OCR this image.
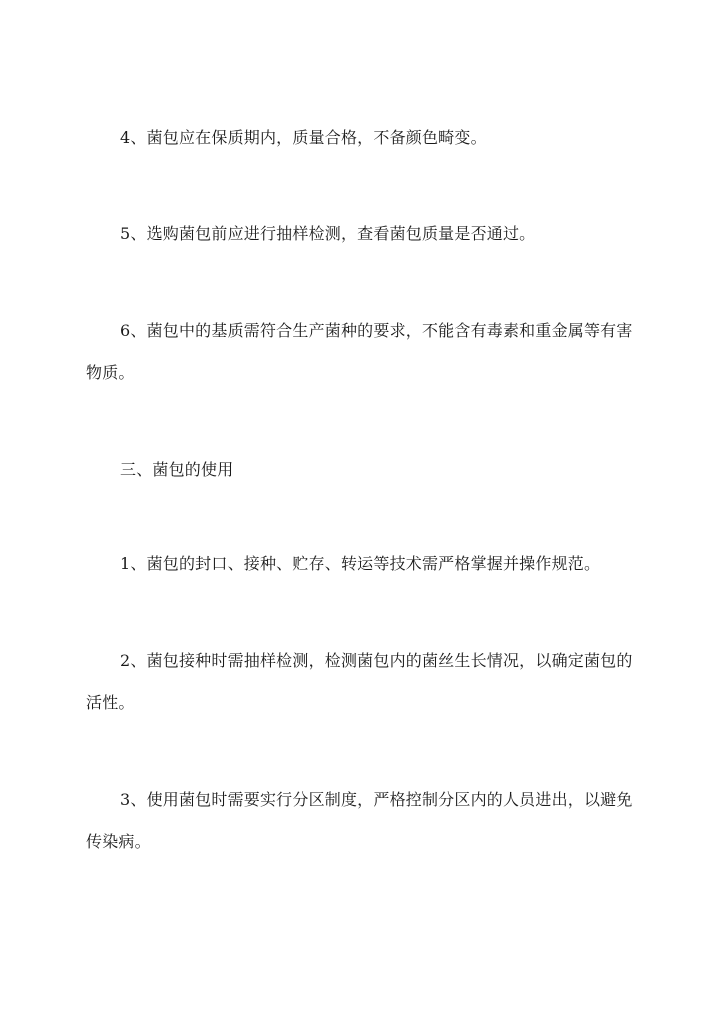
4、菌包应在保质期内，质量合格，不备颜色畸变。

5、选购菌包前应进行抽样检测，查看菌包质量是否通过。

6、菌包中的基质需符合生产菌种的要求，不能含有毒素和重金属等有害物质。

三、菌包的使用

1、菌包的封口、接种、贮存、转运等技术需严格掌握并操作规范。

2、菌包接种时需抽样检测，检测菌包内的菌丝生长情况，以确定菌包的活性。

3、使用菌包时需要实行分区制度，严格控制分区内的人员进出，以避免传染病。
